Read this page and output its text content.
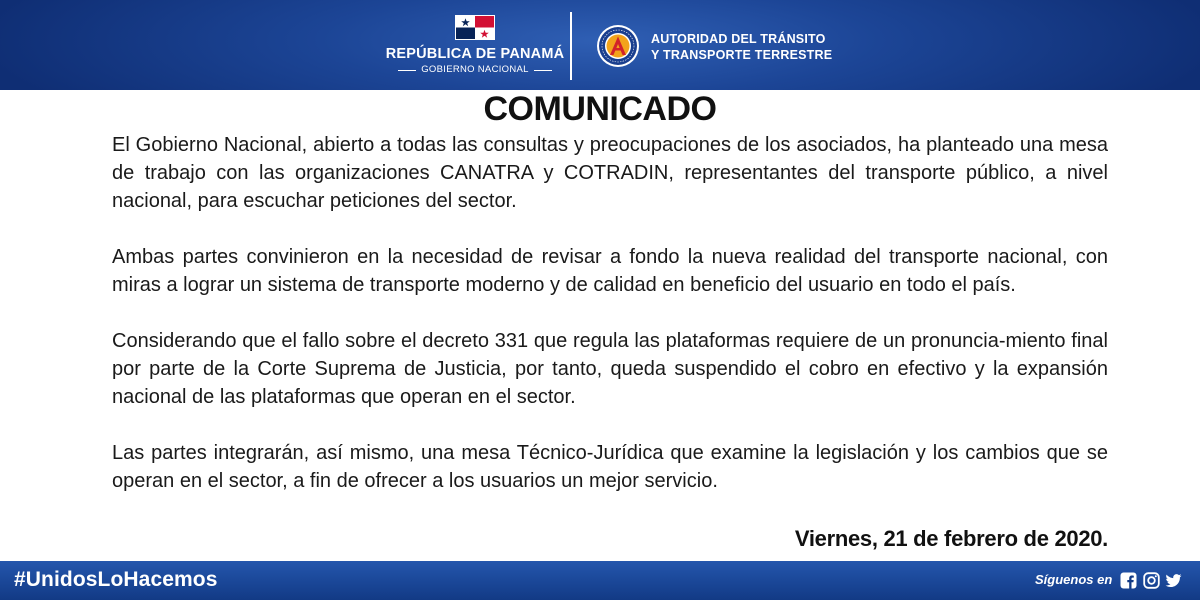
REPÚBLICA DE PANAMÁ
GOBIERNO NACIONAL
AUTORIDAD DEL TRÁNSITO
Y TRANSPORTE TERRESTRE
COMUNICADO

El Gobierno Nacional, abierto a todas las consultas y preocupaciones de los asociados, ha planteado una mesa de trabajo con las organizaciones CANATRA y COTRADIN, representantes del transporte público, a nivel nacional, para escuchar peticiones del sector.

Ambas partes convinieron en la necesidad de revisar a fondo la nueva realidad del transporte nacional, con miras a lograr un sistema de transporte moderno y de calidad en beneficio del usuario en todo el país.

Considerando que el fallo sobre el decreto 331 que regula las plataformas requiere de un pronuncia-miento final por parte de la Corte Suprema de Justicia, por tanto, queda suspendido el cobro en efectivo y la expansión nacional de las plataformas que operan en el sector.

Las partes integrarán, así mismo, una mesa Técnico-Jurídica que examine la legislación y los cambios que se operan en el sector, a fin de ofrecer a los usuarios un mejor servicio.

Viernes, 21 de febrero de 2020.
#UnidosLoHacemos	Síguenos en
